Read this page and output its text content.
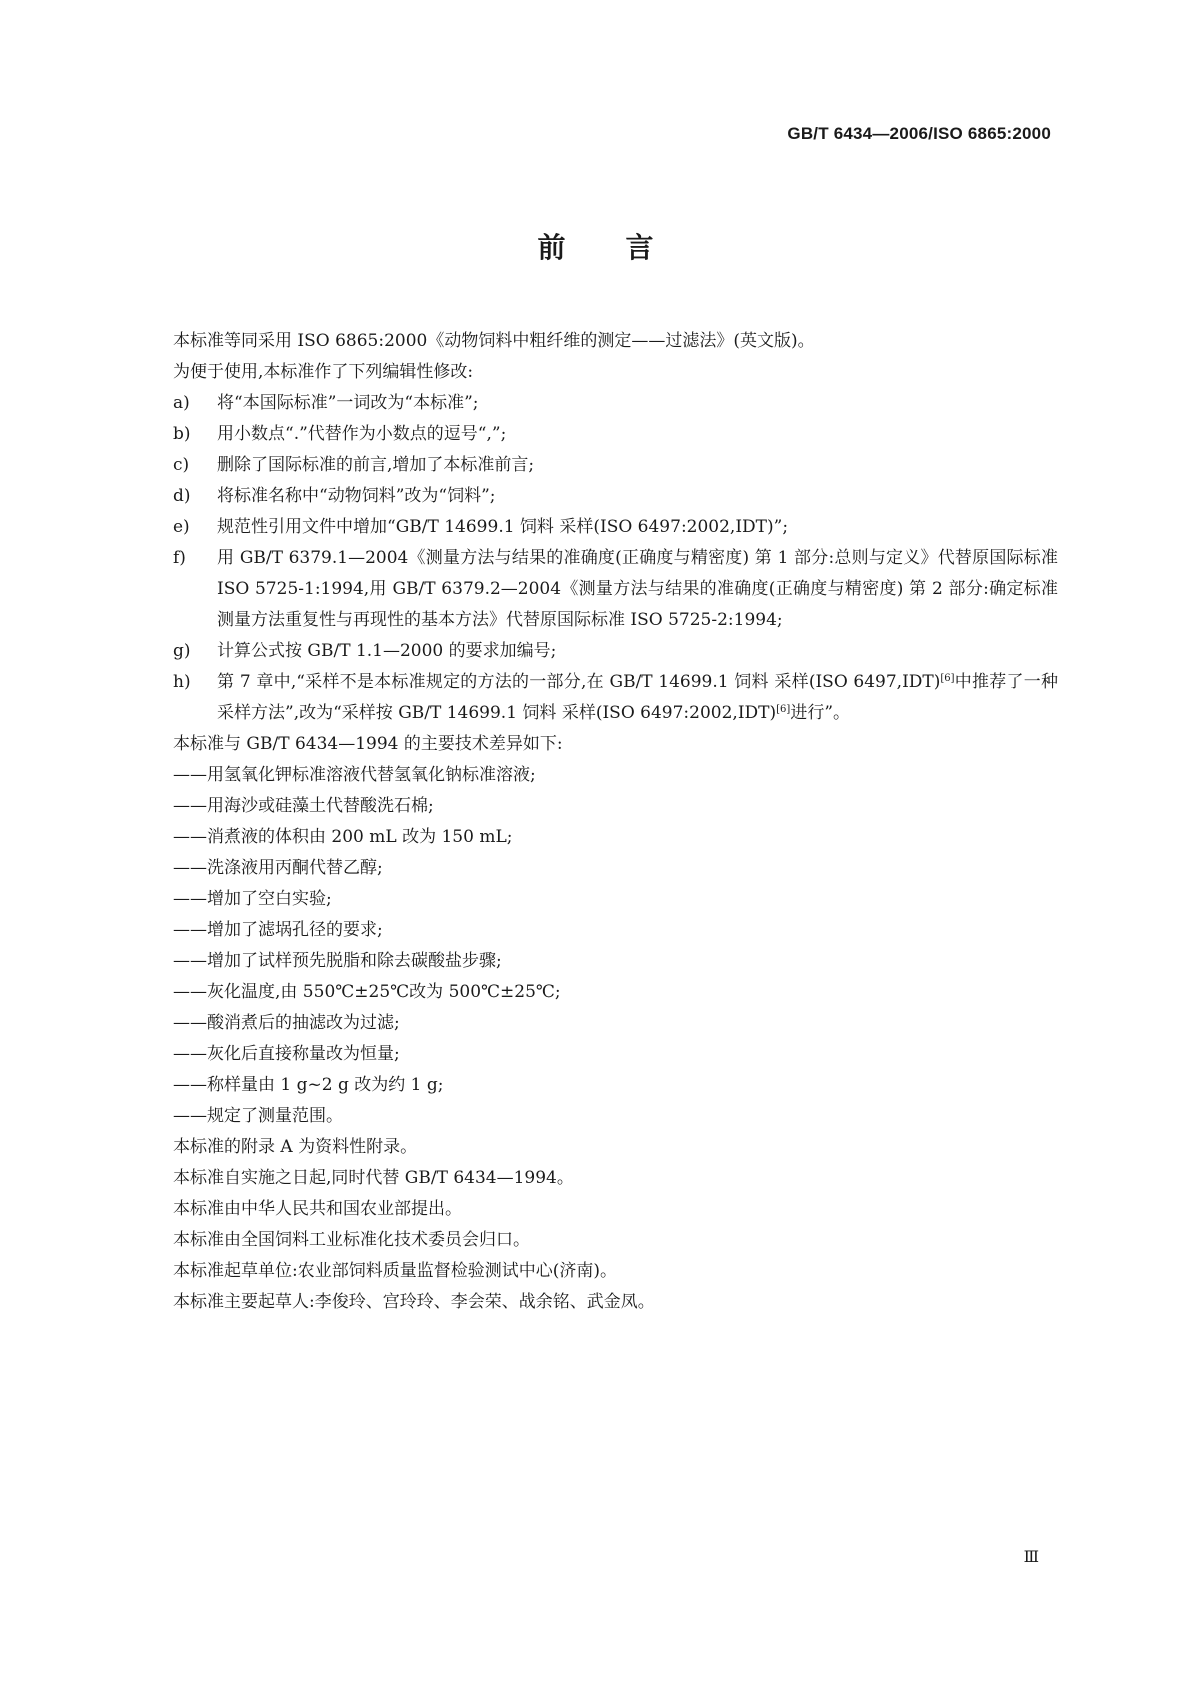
GB/T 6434—2006/ISO 6865:2000
前言
本标准等同采用 ISO 6865:2000《动物饲料中粗纤维的测定——过滤法》(英文版)。
为便于使用,本标准作了下列编辑性修改:
a)	将“本国际标准”一词改为“本标准”;
b)	用小数点“.”代替作为小数点的逗号“,”;
c)	删除了国际标准的前言,增加了本标准前言;
d)	将标准名称中“动物饲料”改为“饲料”;
e)	规范性引用文件中增加“GB/T 14699.1 饲料 采样(ISO 6497:2002,IDT)”;
f)	用 GB/T 6379.1—2004《测量方法与结果的准确度(正确度与精密度) 第 1 部分:总则与定义》代替原国际标准 ISO 5725-1:1994,用 GB/T 6379.2—2004《测量方法与结果的准确度(正确度与精密度) 第 2 部分:确定标准测量方法重复性与再现性的基本方法》代替原国际标准 ISO 5725-2:1994;
g)	计算公式按 GB/T 1.1—2000 的要求加编号;
h)	第 7 章中,“采样不是本标准规定的方法的一部分,在 GB/T 14699.1 饲料 采样(ISO 6497,IDT)[6]中推荐了一种采样方法”,改为“采样按 GB/T 14699.1 饲料 采样(ISO 6497:2002,IDT)[6]进行”。
本标准与 GB/T 6434—1994 的主要技术差异如下:
——用氢氧化钾标准溶液代替氢氧化钠标准溶液;
——用海沙或硅藻土代替酸洗石棉;
——消煮液的体积由 200 mL 改为 150 mL;
——洗涤液用丙酮代替乙醇;
——增加了空白实验;
——增加了滤埚孔径的要求;
——增加了试样预先脱脂和除去碳酸盐步骤;
——灰化温度,由 550℃±25℃改为 500℃±25℃;
——酸消煮后的抽滤改为过滤;
——灰化后直接称量改为恒量;
——称样量由 1 g~2 g 改为约 1 g;
——规定了测量范围。
本标准的附录 A 为资料性附录。
本标准自实施之日起,同时代替 GB/T 6434—1994。
本标准由中华人民共和国农业部提出。
本标准由全国饲料工业标准化技术委员会归口。
本标准起草单位:农业部饲料质量监督检验测试中心(济南)。
本标准主要起草人:李俊玲、宫玲玲、李会荣、战余铭、武金凤。
Ⅲ
